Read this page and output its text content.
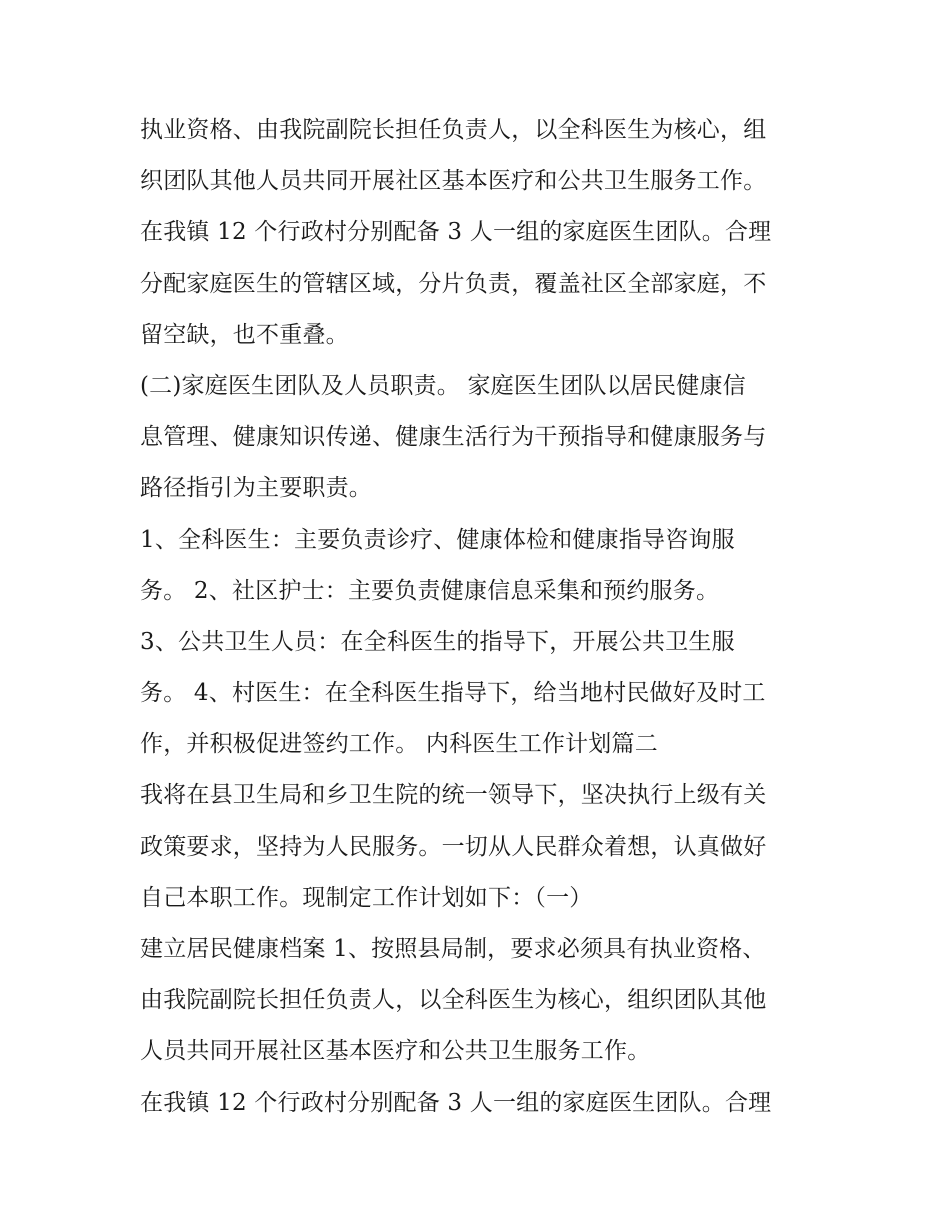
执业资格、由我院副院长担任负责人，以全科医生为核心，组
织团队其他人员共同开展社区基本医疗和公共卫生服务工作。
在我镇 12 个行政村分别配备 3 人一组的家庭医生团队。合理
分配家庭医生的管辖区域，分片负责，覆盖社区全部家庭，不
留空缺，也不重叠。
(二)家庭医生团队及人员职责。 家庭医生团队以居民健康信
息管理、健康知识传递、健康生活行为干预指导和健康服务与
路径指引为主要职责。
1、全科医生：主要负责诊疗、健康体检和健康指导咨询服
务。 2、社区护士：主要负责健康信息采集和预约服务。
3、公共卫生人员：在全科医生的指导下，开展公共卫生服
务。 4、村医生：在全科医生指导下，给当地村民做好及时工
作，并积极促进签约工作。 内科医生工作计划篇二
我将在县卫生局和乡卫生院的统一领导下，坚决执行上级有关
政策要求，坚持为人民服务。一切从人民群众着想，认真做好
自己本职工作。现制定工作计划如下：（一）
建立居民健康档案 1、按照县局制，要求必须具有执业资格、
由我院副院长担任负责人，以全科医生为核心，组织团队其他
人员共同开展社区基本医疗和公共卫生服务工作。
在我镇 12 个行政村分别配备 3 人一组的家庭医生团队。合理
